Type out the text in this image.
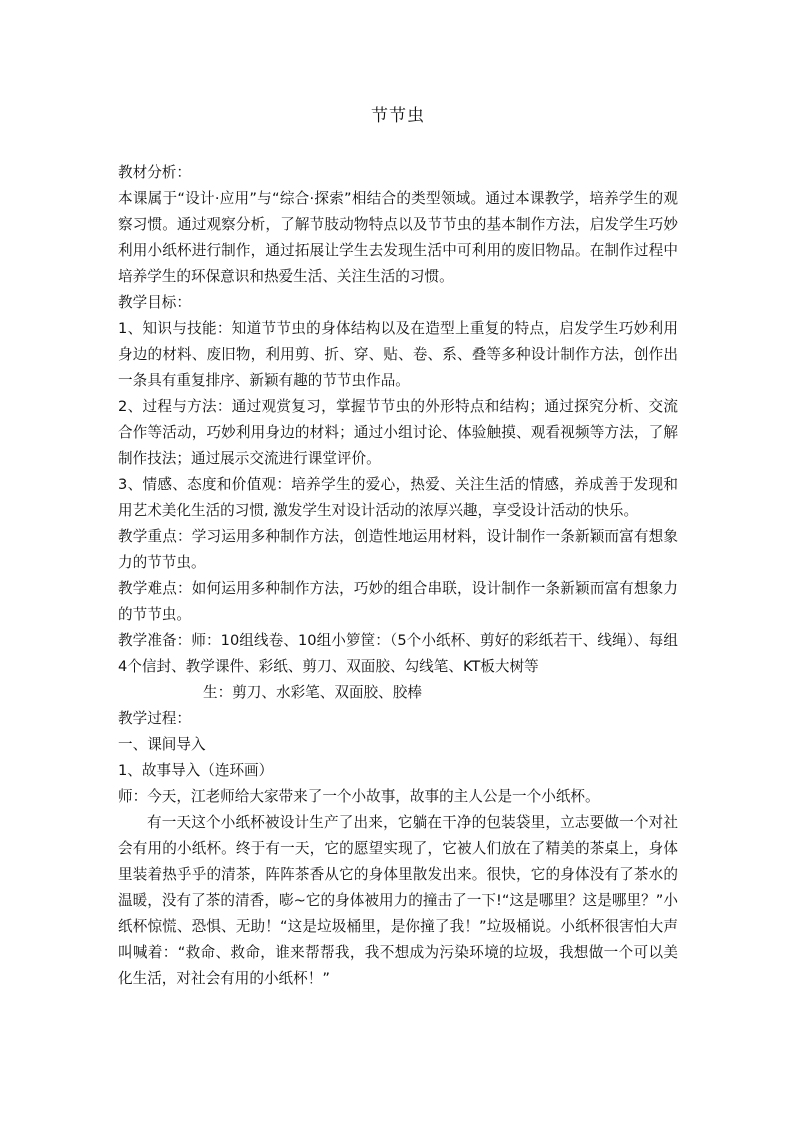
节节虫

教材分析：

本课属于“设计·应用”与“综合·探索”相结合的类型领域。通过本课教学，培养学生的观察习惯。通过观察分析，了解节肢动物特点以及节节虫的基本制作方法，启发学生巧妙利用小纸杯进行制作，通过拓展让学生去发现生活中可利用的废旧物品。在制作过程中培养学生的环保意识和热爱生活、关注生活的习惯。

教学目标：

1、知识与技能：知道节节虫的身体结构以及在造型上重复的特点，启发学生巧妙利用身边的材料、废旧物，利用剪、折、穿、贴、卷、系、叠等多种设计制作方法，创作出一条具有重复排序、新颖有趣的节节虫作品。

2、过程与方法：通过观赏复习，掌握节节虫的外形特点和结构；通过探究分析、交流合作等活动，巧妙利用身边的材料；通过小组讨论、体验触摸、观看视频等方法，了解制作技法；通过展示交流进行课堂评价。

3、情感、态度和价值观：培养学生的爱心，热爱、关注生活的情感，养成善于发现和用艺术美化生活的习惯, 激发学生对设计活动的浓厚兴趣，享受设计活动的快乐。

教学重点：学习运用多种制作方法，创造性地运用材料，设计制作一条新颖而富有想象力的节节虫。

教学难点：如何运用多种制作方法，巧妙的组合串联，设计制作一条新颖而富有想象力的节节虫。

教学准备：师：10组线卷、10组小箩筐：（5个小纸杯、剪好的彩纸若干、线绳）、每组4个信封、教学课件、彩纸、剪刀、双面胶、勾线笔、KT板大树等

生：剪刀、水彩笔、双面胶、胶棒

教学过程：

一、课间导入

1、故事导入（连环画）

师：今天，江老师给大家带来了一个小故事，故事的主人公是一个小纸杯。

有一天这个小纸杯被设计生产了出来，它躺在干净的包装袋里，立志要做一个对社会有用的小纸杯。终于有一天，它的愿望实现了，它被人们放在了精美的茶桌上，身体里装着热乎乎的清茶，阵阵茶香从它的身体里散发出来。很快，它的身体没有了茶水的温暖，没有了茶的清香，嘭~它的身体被用力的撞击了一下!“这是哪里？这是哪里？”小纸杯惊慌、恐惧、无助！“这是垃圾桶里，是你撞了我！”垃圾桶说。小纸杯很害怕大声叫喊着：“救命、救命，谁来帮帮我，我不想成为污染环境的垃圾，我想做一个可以美化生活，对社会有用的小纸杯！”
